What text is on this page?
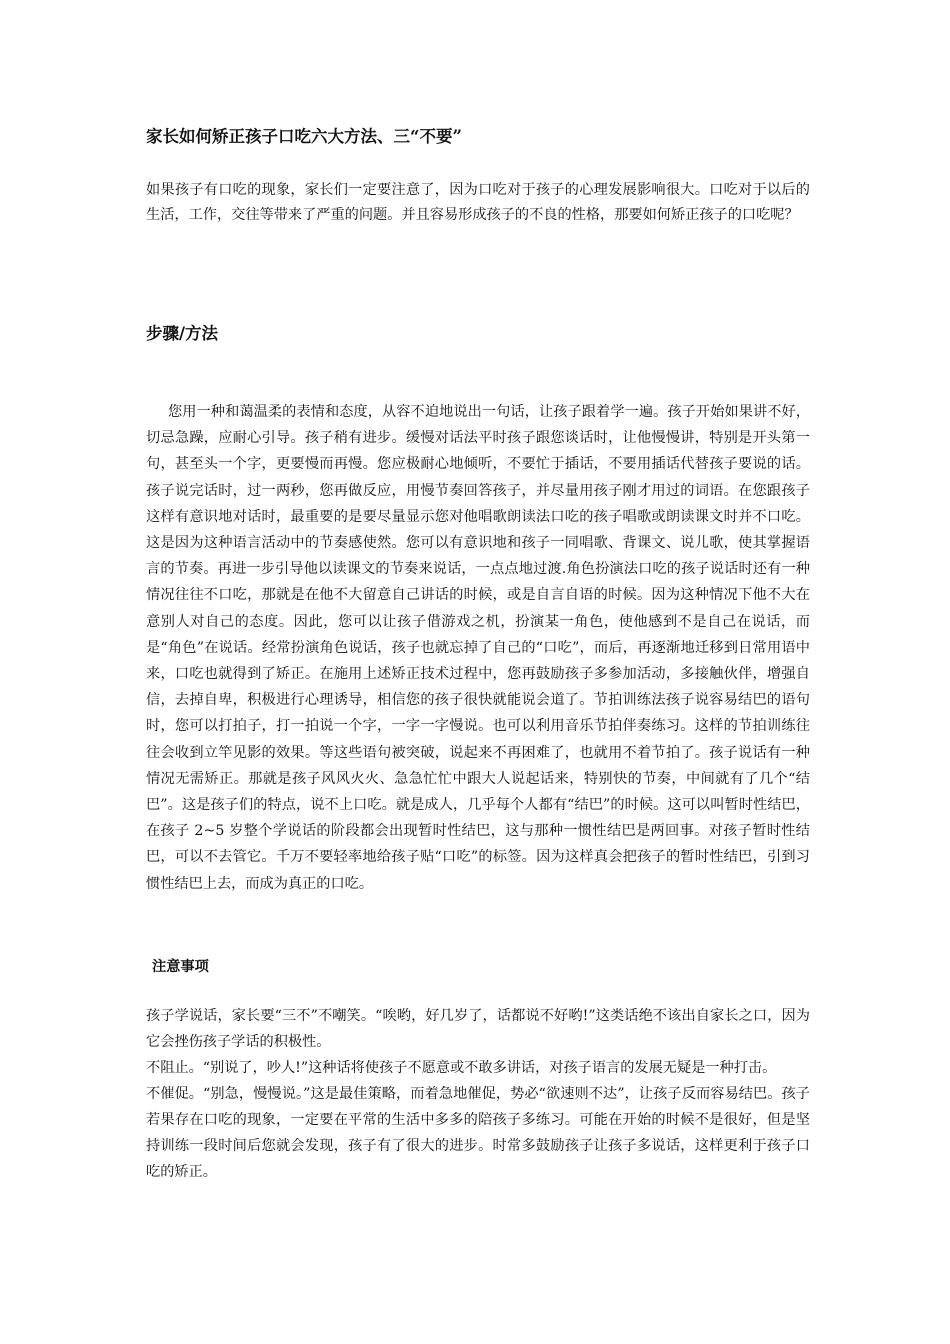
家长如何矫正孩子口吃六大方法、三“不要”

如果孩子有口吃的现象，家长们一定要注意了，因为口吃对于孩子的心理发展影响很大。口吃对于以后的生活，工作，交往等带来了严重的问题。并且容易形成孩子的不良的性格，那要如何矫正孩子的口吃呢？

步骤/方法

您用一种和蔼温柔的表情和态度，从容不迫地说出一句话，让孩子跟着学一遍。孩子开始如果讲不好，切忌急躁，应耐心引导。孩子稍有进步。缓慢对话法平时孩子跟您谈话时，让他慢慢讲，特别是开头第一句，甚至头一个字，更要慢而再慢。您应极耐心地倾听，不要忙于插话，不要用插话代替孩子要说的话。孩子说完话时，过一两秒，您再做反应，用慢节奏回答孩子，并尽量用孩子刚才用过的词语。在您跟孩子这样有意识地对话时，最重要的是要尽量显示您对他唱歌朗读法口吃的孩子唱歌或朗读课文时并不口吃。这是因为这种语言活动中的节奏感使然。您可以有意识地和孩子一同唱歌、背课文、说儿歌，使其掌握语言的节奏。再进一步引导他以读课文的节奏来说话，一点点地过渡.角色扮演法口吃的孩子说话时还有一种情况往往不口吃，那就是在他不大留意自己讲话的时候，或是自言自语的时候。因为这种情况下他不大在意别人对自己的态度。因此，您可以让孩子借游戏之机，扮演某一角色，使他感到不是自己在说话，而是“角色”在说话。经常扮演角色说话，孩子也就忘掉了自己的“口吃”，而后，再逐渐地迁移到日常用语中来，口吃也就得到了矫正。在施用上述矫正技术过程中，您再鼓励孩子多参加活动，多接触伙伴，增强自信，去掉自卑，积极进行心理诱导，相信您的孩子很快就能说会道了。节拍训练法孩子说容易结巴的语句时，您可以打拍子，打一拍说一个字，一字一字慢说。也可以利用音乐节拍伴奏练习。这样的节拍训练往往会收到立竿见影的效果。等这些语句被突破，说起来不再困难了，也就用不着节拍了。孩子说话有一种情况无需矫正。那就是孩子风风火火、急急忙忙中跟大人说起话来，特别快的节奏，中间就有了几个“结巴”。这是孩子们的特点，说不上口吃。就是成人，几乎每个人都有“结巴”的时候。这可以叫暂时性结巴，在孩子 2~5 岁整个学说话的阶段都会出现暂时性结巴，这与那种一惯性结巴是两回事。对孩子暂时性结巴，可以不去管它。千万不要轻率地给孩子贴“口吃”的标签。因为这样真会把孩子的暂时性结巴，引到习惯性结巴上去，而成为真正的口吃。

注意事项

孩子学说话，家长要“三不”不嘲笑。“唉哟，好几岁了，话都说不好哟!”这类话绝不该出自家长之口，因为它会挫伤孩子学话的积极性。

不阻止。“别说了，吵人!”这种话将使孩子不愿意或不敢多讲话，对孩子语言的发展无疑是一种打击。

不催促。“别急，慢慢说。”这是最佳策略，而着急地催促，势必“欲速则不达”，让孩子反而容易结巴。孩子若果存在口吃的现象，一定要在平常的生活中多多的陪孩子多练习。可能在开始的时候不是很好，但是坚持训练一段时间后您就会发现，孩子有了很大的进步。时常多鼓励孩子让孩子多说话，这样更利于孩子口吃的矫正。
